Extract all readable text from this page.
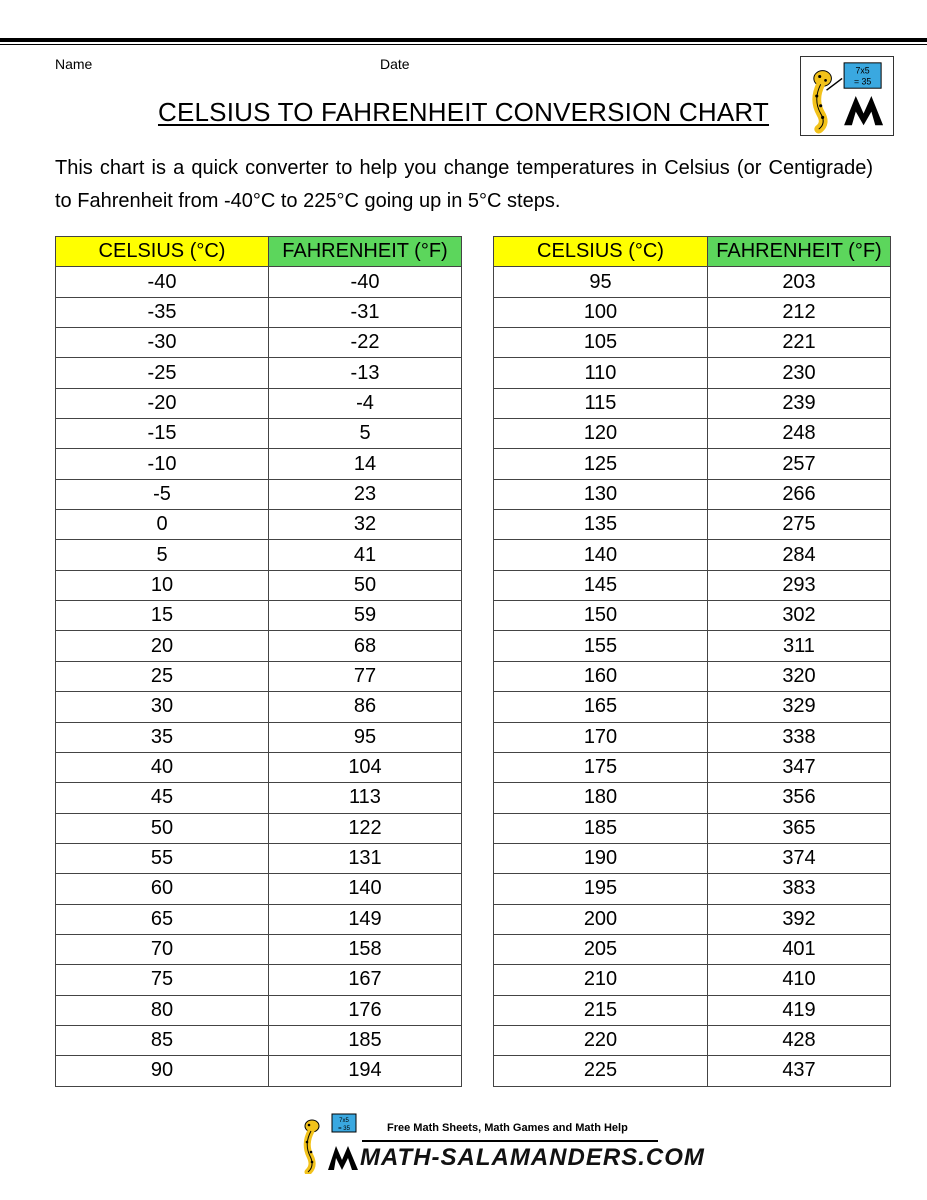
Name	Date	7x5
= 35
CELSIUS TO FAHRENHEIT CONVERSION CHART

This chart is a quick converter to help you change temperatures in Celsius (or Centigrade) to Fahrenheit from -40°C to 225°C going up in 5°C steps.

CELSIUS (°C)	FAHRENHEIT (°F)
-40	-40
-35	-31
-30	-22
-25	-13
-20	-4
-15	5
-10	14
-5	23
0	32
5	41
10	50
15	59
20	68
25	77
30	86
35	95
40	104
45	113
50	122
55	131
60	140
65	149
70	158
75	167
80	176
85	185
90	194
CELSIUS (°C)	FAHRENHEIT (°F)
95	203
100	212
105	221
110	230
115	239
120	248
125	257
130	266
135	275
140	284
145	293
150	302
155	311
160	320
165	329
170	338
175	347
180	356
185	365
190	374
195	383
200	392
205	401
210	410
215	419
220	428
225	437
7x5
= 35	Free Math Sheets, Math Games and Math Help
MATH-SALAMANDERS.COM
